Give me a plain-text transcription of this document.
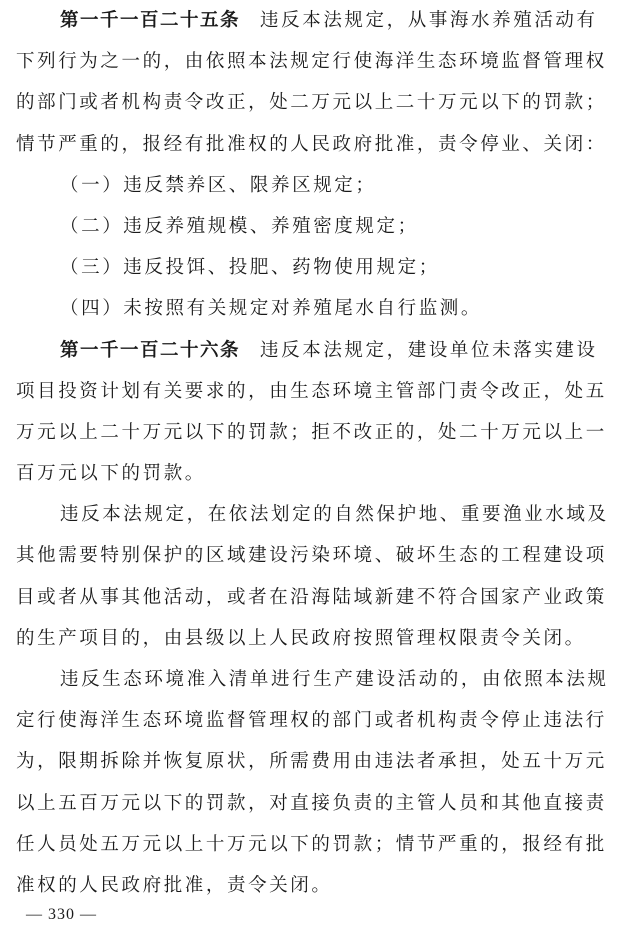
第一千一百二十五条 违反本法规定，从事海水养殖活动有
下列行为之一的，由依照本法规定行使海洋生态环境监督管理权
的部门或者机构责令改正，处二万元以上二十万元以下的罚款；
情节严重的，报经有批准权的人民政府批准，责令停业、关闭：
（一）违反禁养区、限养区规定；
（二）违反养殖规模、养殖密度规定；
（三）违反投饵、投肥、药物使用规定；
（四）未按照有关规定对养殖尾水自行监测。
第一千一百二十六条 违反本法规定，建设单位未落实建设
项目投资计划有关要求的，由生态环境主管部门责令改正，处五
万元以上二十万元以下的罚款；拒不改正的，处二十万元以上一
百万元以下的罚款。
违反本法规定，在依法划定的自然保护地、重要渔业水域及
其他需要特别保护的区域建设污染环境、破坏生态的工程建设项
目或者从事其他活动，或者在沿海陆域新建不符合国家产业政策
的生产项目的，由县级以上人民政府按照管理权限责令关闭。
违反生态环境准入清单进行生产建设活动的，由依照本法规
定行使海洋生态环境监督管理权的部门或者机构责令停止违法行
为，限期拆除并恢复原状，所需费用由违法者承担，处五十万元
以上五百万元以下的罚款，对直接负责的主管人员和其他直接责
任人员处五万元以上十万元以下的罚款；情节严重的，报经有批
准权的人民政府批准，责令关闭。
— 330 —
